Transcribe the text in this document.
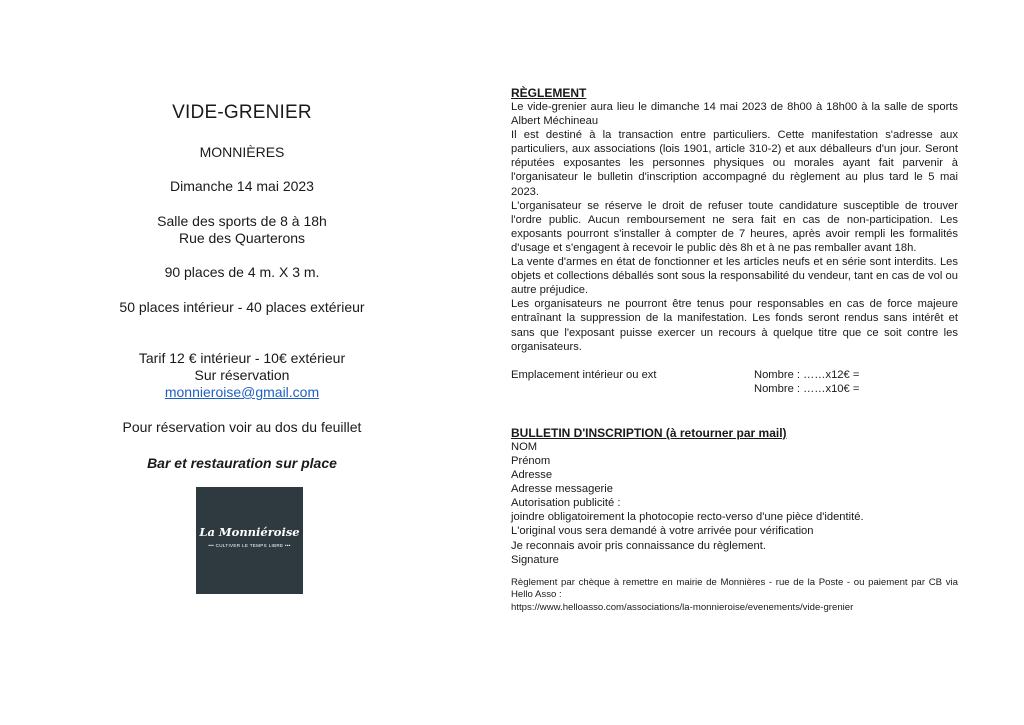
VIDE-GRENIER
MONNIÈRES
Dimanche 14 mai 2023
Salle des sports de 8 à 18h
Rue des Quarterons
90 places de 4 m. X 3 m.
50 places intérieur - 40 places extérieur
Tarif 12 € intérieur - 10€ extérieur
Sur réservation
monnieroise@gmail.com
Pour réservation voir au dos du feuillet
Bar et restauration sur place
La Monniéroise
••• CULTIVER LE TEMPS LIBRE •••
RÈGLEMENT

Le vide-grenier aura lieu le dimanche 14 mai 2023 de 8h00 à 18h00 à la salle de sports Albert Méchineau

Il est destiné à la transaction entre particuliers. Cette manifestation s'adresse aux particuliers, aux associations (lois 1901, article 310-2) et aux déballeurs d'un jour. Seront réputées exposantes les personnes physiques ou morales ayant fait parvenir à l'organisateur le bulletin d'inscription accompagné du règlement au plus tard le 5 mai 2023.

L'organisateur se réserve le droit de refuser toute candidature susceptible de trouver l'ordre public. Aucun remboursement ne sera fait en cas de non-participation. Les exposants pourront s'installer à compter de 7 heures, après avoir rempli les formalités d'usage et s'engagent à recevoir le public dès 8h et à ne pas remballer avant 18h.

La vente d'armes en état de fonctionner et les articles neufs et en série sont interdits. Les objets et collections déballés sont sous la responsabilité du vendeur, tant en cas de vol ou autre préjudice.

Les organisateurs ne pourront être tenus pour responsables en cas de force majeure entraînant la suppression de la manifestation. Les fonds seront rendus sans intérêt et sans que l'exposant puisse exercer un recours à quelque titre que ce soit contre les organisateurs.

Emplacement intérieur ou ext	Nombre : ……x12€ =
Nombre : ……x10€ =
BULLETIN D'INSCRIPTION (à retourner par mail)
NOM
Prénom
Adresse
Adresse messagerie
Autorisation publicité :
joindre obligatoirement la photocopie recto-verso d'une pièce d'identité.
L'original vous sera demandé à votre arrivée pour vérification
Je reconnais avoir pris connaissance du règlement.
Signature

Règlement par chèque à remettre en mairie de Monnières - rue de la Poste - ou paiement par CB via Hello Asso :

https://www.helloasso.com/associations/la-monnieroise/evenements/vide-grenier
